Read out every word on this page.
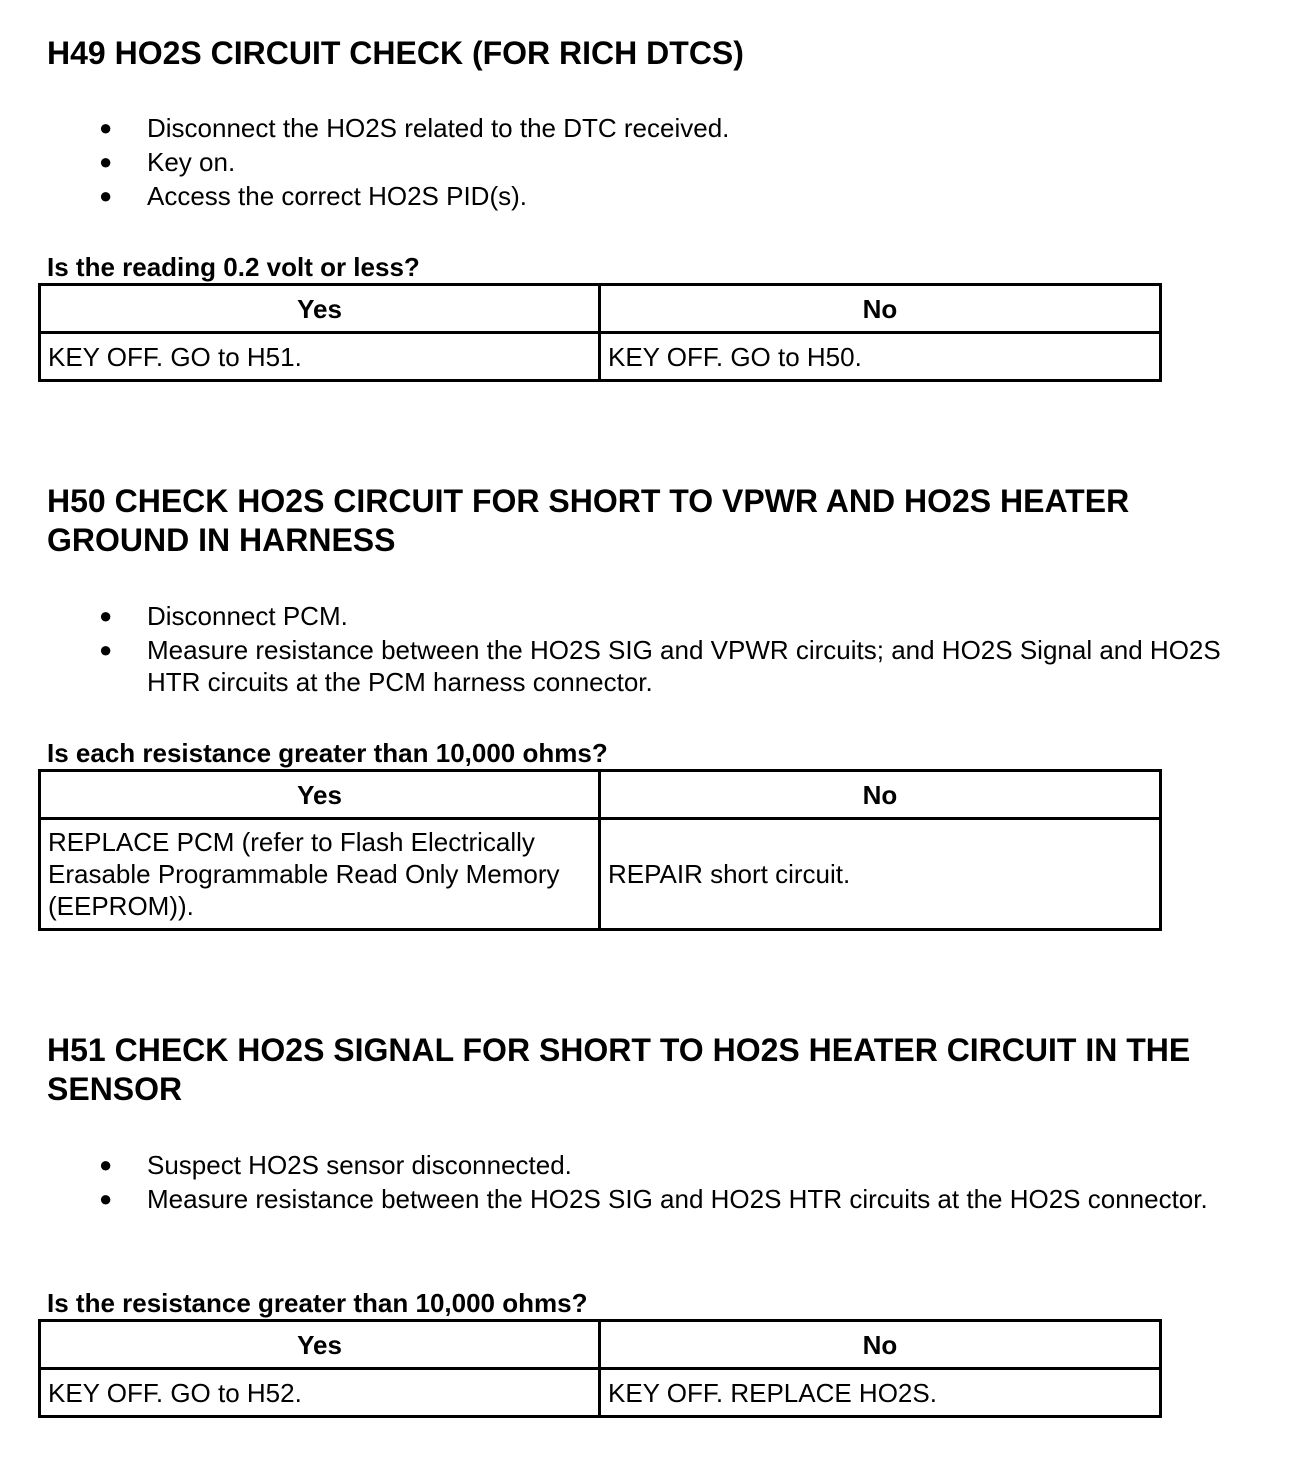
H49 HO2S CIRCUIT CHECK (FOR RICH DTCS)
● Disconnect the HO2S related to the DTC received.
● Key on.
● Access the correct HO2S PID(s).

Is the reading 0.2 volt or less?

Yes	No
KEY OFF. GO to H51.	KEY OFF. GO to H50.
H50 CHECK HO2S CIRCUIT FOR SHORT TO VPWR AND HO2S HEATER GROUND IN HARNESS
● Disconnect PCM.
● Measure resistance between the HO2S SIG and VPWR circuits; and HO2S Signal and HO2S HTR circuits at the PCM harness connector.

Is each resistance greater than 10,000 ohms?

Yes	No
REPLACE PCM (refer to Flash Electrically Erasable Programmable Read Only Memory (EEPROM)).	REPAIR short circuit.
H51 CHECK HO2S SIGNAL FOR SHORT TO HO2S HEATER CIRCUIT IN THE SENSOR
● Suspect HO2S sensor disconnected.
● Measure resistance between the HO2S SIG and HO2S HTR circuits at the HO2S connector.

Is the resistance greater than 10,000 ohms?

Yes	No
KEY OFF. GO to H52.	KEY OFF. REPLACE HO2S.
